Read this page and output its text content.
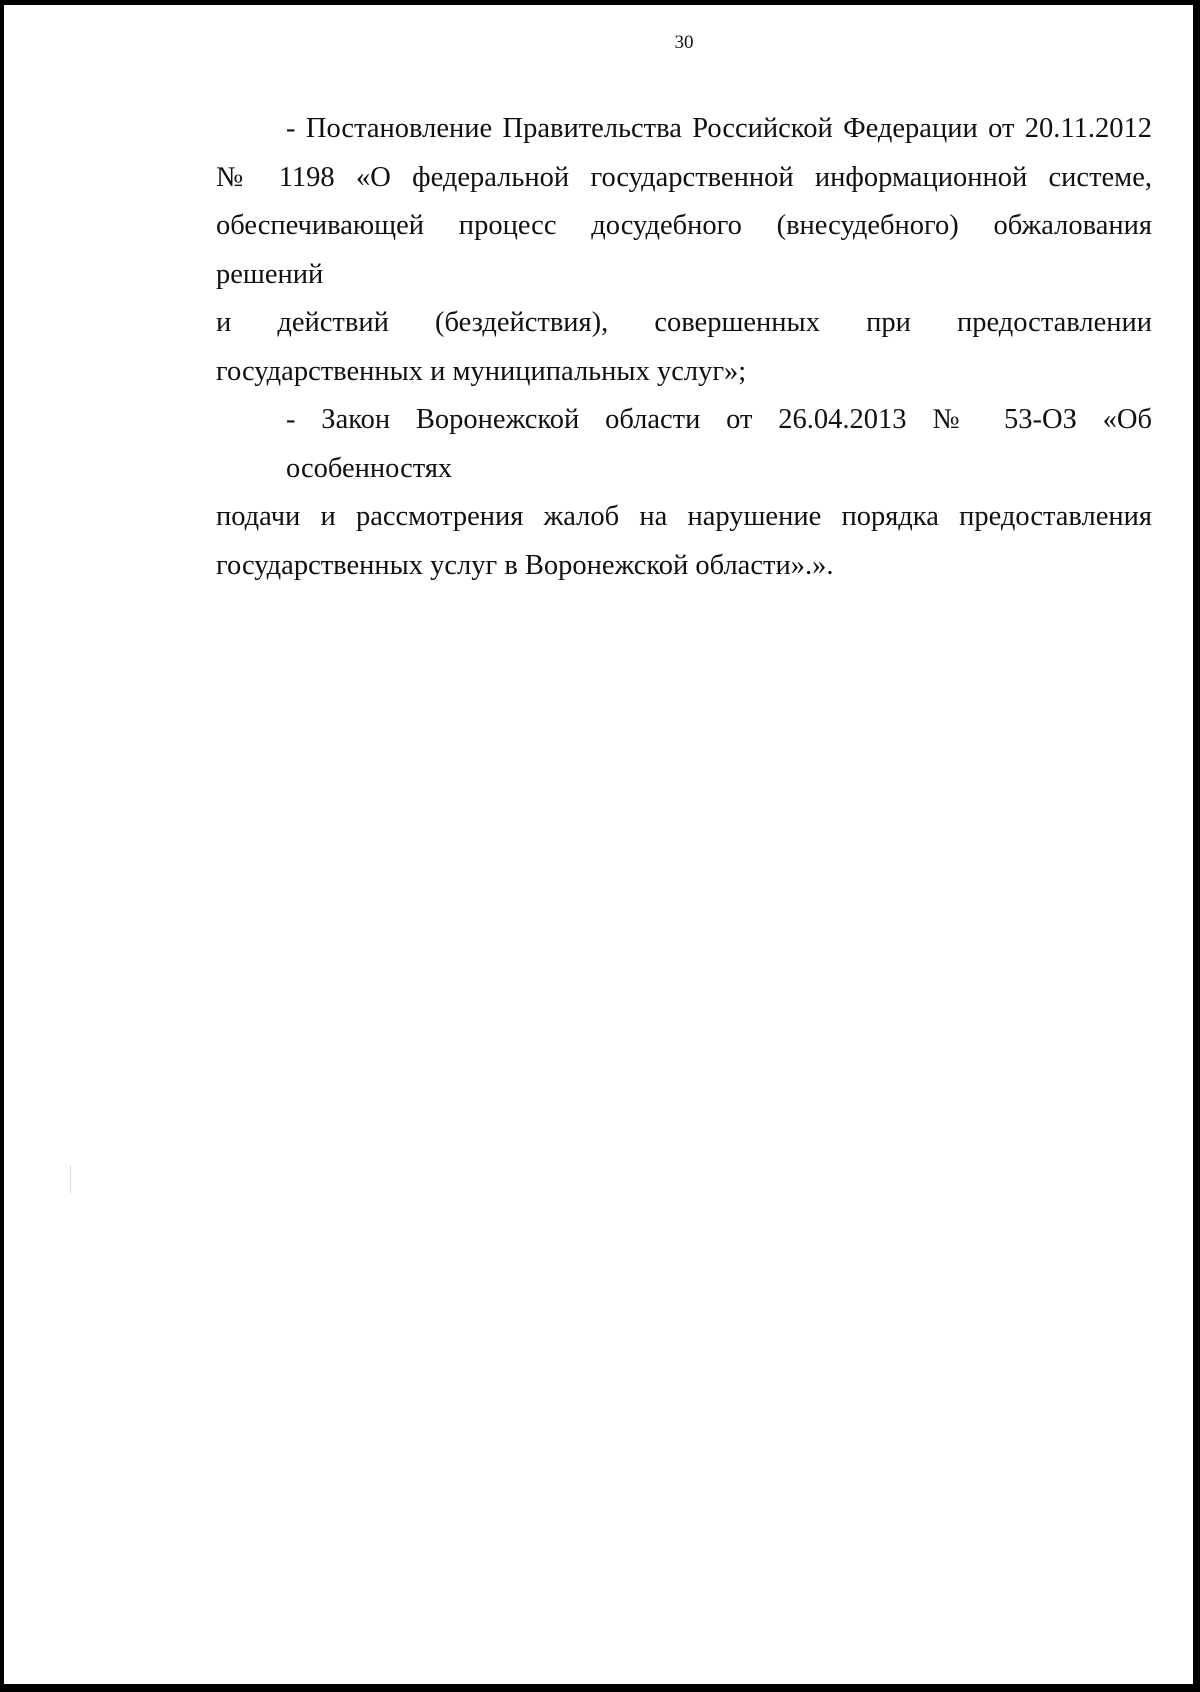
30

- Постановление Правительства Российской Федерации от 20.11.2012
№ 1198 «О федеральной государственной информационной системе,
обеспечивающей процесс досудебного (внесудебного) обжалования решений
и действий (бездействия), совершенных при предоставлении
государственных и муниципальных услуг»;

- Закон Воронежской области от 26.04.2013 № 53-ОЗ «Об особенностях
подачи и рассмотрения жалоб на нарушение порядка предоставления
государственных услуг в Воронежской области».».
